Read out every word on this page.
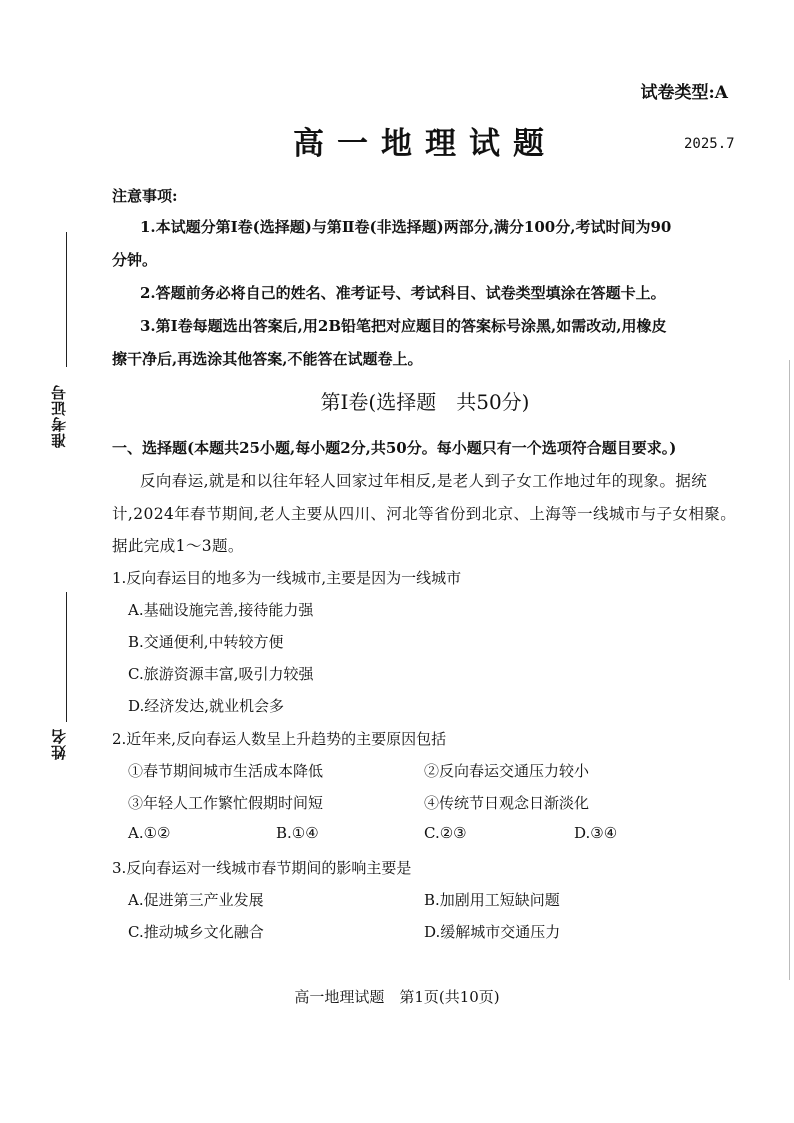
试卷类型:A
高一地理试题	2025.7
准考证号
姓名
注意事项:
1.本试题分第Ⅰ卷(选择题)与第Ⅱ卷(非选择题)两部分,满分100分,考试时间为90
分钟。
2.答题前务必将自己的姓名、准考证号、考试科目、试卷类型填涂在答题卡上。
3.第Ⅰ卷每题选出答案后,用2B铅笔把对应题目的答案标号涂黑,如需改动,用橡皮
擦干净后,再选涂其他答案,不能答在试题卷上。
第Ⅰ卷(选择题　共50分)
一、选择题(本题共25小题,每小题2分,共50分。每小题只有一个选项符合题目要求。)
反向春运,就是和以往年轻人回家过年相反,是老人到子女工作地过年的现象。据统
计,2024年春节期间,老人主要从四川、河北等省份到北京、上海等一线城市与子女相聚。
据此完成1～3题。
1.反向春运目的地多为一线城市,主要是因为一线城市
A.基础设施完善,接待能力强
B.交通便利,中转较方便
C.旅游资源丰富,吸引力较强
D.经济发达,就业机会多
2.近年来,反向春运人数呈上升趋势的主要原因包括
①春节期间城市生活成本降低	②反向春运交通压力较小
③年轻人工作繁忙假期时间短	④传统节日观念日渐淡化
A.①②	B.①④	C.②③	D.③④
3.反向春运对一线城市春节期间的影响主要是
A.促进第三产业发展	B.加剧用工短缺问题
C.推动城乡文化融合	D.缓解城市交通压力
高一地理试题　第1页(共10页)
